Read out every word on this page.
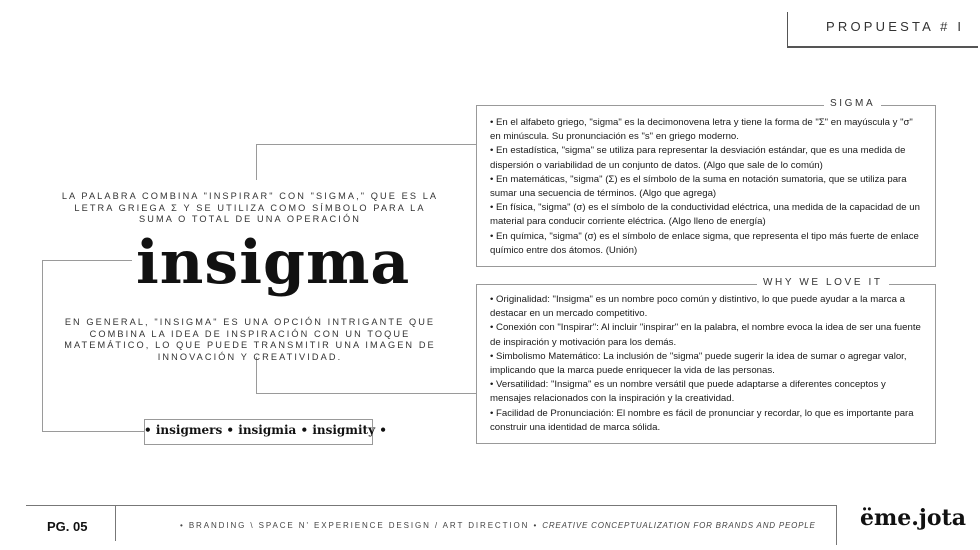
PROPUESTA # I
LA PALABRA COMBINA "INSPIRAR" CON "SIGMA," QUE ES LA LETRA GRIEGA Σ Y SE UTILIZA COMO SÍMBOLO PARA LA SUMA O TOTAL DE UNA OPERACIÓN
insigma
EN GENERAL, "INSIGMA" ES UNA OPCIÓN INTRIGANTE QUE COMBINA LA IDEA DE INSPIRACIÓN CON UN TOQUE MATEMÁTICO, LO QUE PUEDE TRANSMITIR UNA IMAGEN DE INNOVACIÓN Y CREATIVIDAD.
• insigmers • insigmia • insigmity •
SIGMA

• En el alfabeto griego, "sigma" es la decimonovena letra y tiene la forma de "Σ" en mayúscula y "σ" en minúscula. Su pronunciación es "s" en griego moderno.

• En estadística, "sigma" se utiliza para representar la desviación estándar, que es una medida de dispersión o variabilidad de un conjunto de datos. (Algo que sale de lo común)

• En matemáticas, "sigma" (Σ) es el símbolo de la suma en notación sumatoria, que se utiliza para sumar una secuencia de términos. (Algo que agrega)

• En física, "sigma" (σ) es el símbolo de la conductividad eléctrica, una medida de la capacidad de un material para conducir corriente eléctrica. (Algo lleno de energía)

• En química, "sigma" (σ) es el símbolo de enlace sigma, que representa el tipo más fuerte de enlace químico entre dos átomos. (Unión)

WHY WE LOVE IT

• Originalidad: "Insigma" es un nombre poco común y distintivo, lo que puede ayudar a la marca a destacar en un mercado competitivo.

• Conexión con "Inspirar": Al incluir "inspirar" en la palabra, el nombre evoca la idea de ser una fuente de inspiración y motivación para los demás.

• Simbolismo Matemático: La inclusión de "sigma" puede sugerir la idea de sumar o agregar valor, implicando que la marca puede enriquecer la vida de las personas.

• Versatilidad: "Insigma" es un nombre versátil que puede adaptarse a diferentes conceptos y mensajes relacionados con la inspiración y la creatividad.

• Facilidad de Pronunciación: El nombre es fácil de pronunciar y recordar, lo que es importante para construir una identidad de marca sólida.

PG. 05	• BRANDING \ SPACE N' EXPERIENCE DESIGN / ART DIRECTION • CREATIVE CONCEPTUALIZATION FOR BRANDS AND PEOPLE ëme.jota
